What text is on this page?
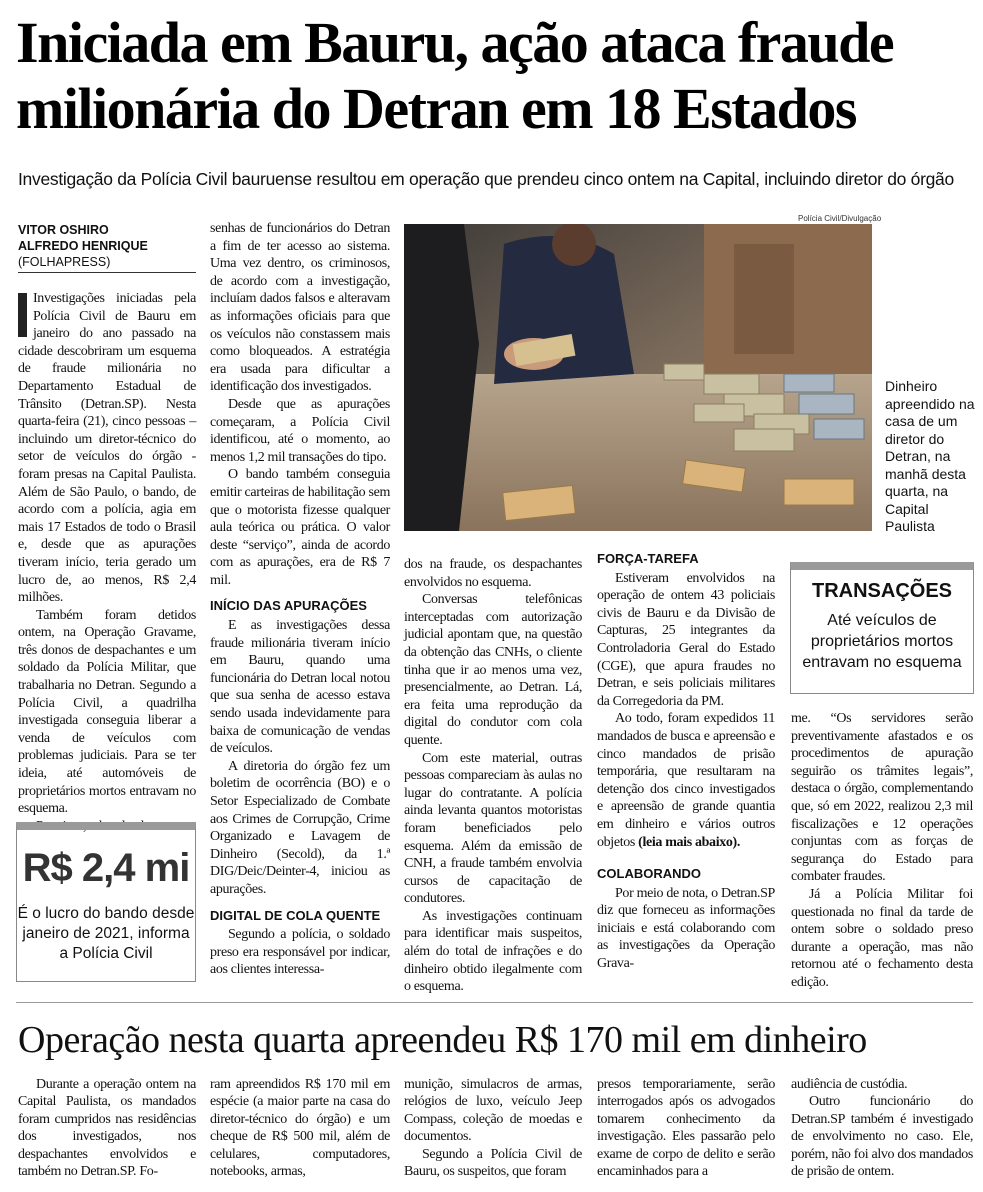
Iniciada em Bauru, ação ataca fraude milionária do Detran em 18 Estados
Investigação da Polícia Civil bauruense resultou em operação que prendeu cinco ontem na Capital, incluindo diretor do órgão
VITOR OSHIRO
ALFREDO HENRIQUE
(FOLHAPRESS)

Investigações iniciadas pela Polícia Civil de Bauru em janeiro do ano passado na cidade descobriram um esquema de fraude milionária no Departamento Estadual de Trânsito (Detran.SP). Nesta quarta-feira (21), cinco pessoas – incluindo um diretor-técnico do setor de veículos do órgão - foram presas na Capital Paulista. Além de São Paulo, o bando, de acordo com a polícia, agia em mais 17 Estados de todo o Brasil e, desde que as apurações tiveram início, teria gerado um lucro de, ao menos, R$ 2,4 milhões.

Também foram detidos ontem, na Operação Gravame, três donos de despachantes e um soldado da Polícia Militar, que trabalharia no Detran. Segundo a Polícia Civil, a quadrilha investigada conseguia liberar a venda de veículos com problemas judiciais. Para se ter ideia, até automóveis de proprietários mortos entravam no esquema.

Para isso, o bando clonava

R$ 2,4 mi
É o lucro do bando desde janeiro de 2021, informa a Polícia Civil

senhas de funcionários do Detran a fim de ter acesso ao sistema. Uma vez dentro, os criminosos, de acordo com a investigação, incluíam dados falsos e alteravam as informações oficiais para que os veículos não constassem mais como bloqueados. A estratégia era usada para dificultar a identificação dos investigados.

Desde que as apurações começaram, a Polícia Civil identificou, até o momento, ao menos 1,2 mil transações do tipo.

O bando também conseguia emitir carteiras de habilitação sem que o motorista fizesse qualquer aula teórica ou prática. O valor deste “serviço”, ainda de acordo com as apurações, era de R$ 7 mil.

INÍCIO DAS APURAÇÕES

E as investigações dessa fraude milionária tiveram início em Bauru, quando uma funcionária do Detran local notou que sua senha de acesso estava sendo usada indevidamente para baixa de comunicação de vendas de veículos.

A diretoria do órgão fez um boletim de ocorrência (BO) e o Setor Especializado de Combate aos Crimes de Corrupção, Crime Organizado e Lavagem de Dinheiro (Secold), da 1.ª DIG/Deic/Deinter-4, iniciou as apurações.

DIGITAL DE COLA QUENTE

Segundo a polícia, o soldado preso era responsável por indicar, aos clientes interessa-

Polícia Civil/Divulgação
Dinheiro apreendido na casa de um diretor do Detran, na manhã desta quarta, na Capital Paulista

dos na fraude, os despachantes envolvidos no esquema.

Conversas telefônicas interceptadas com autorização judicial apontam que, na questão da obtenção das CNHs, o cliente tinha que ir ao menos uma vez, presencialmente, ao Detran. Lá, era feita uma reprodução da digital do condutor com cola quente.

Com este material, outras pessoas compareciam às aulas no lugar do contratante. A polícia ainda levanta quantos motoristas foram beneficiados pelo esquema. Além da emissão de CNH, a fraude também envolvia cursos de capacitação de condutores.

As investigações continuam para identificar mais suspeitos, além do total de infrações e do dinheiro obtido ilegalmente com o esquema.

FORÇA-TAREFA

Estiveram envolvidos na operação de ontem 43 policiais civis de Bauru e da Divisão de Capturas, 25 integrantes da Controladoria Geral do Estado (CGE), que apura fraudes no Detran, e seis policiais militares da Corregedoria da PM.

Ao todo, foram expedidos 11 mandados de busca e apreensão e cinco mandados de prisão temporária, que resultaram na detenção dos cinco investigados e apreensão de grande quantia em dinheiro e vários outros objetos (leia mais abaixo).

COLABORANDO

Por meio de nota, o Detran.SP diz que forneceu as informações iniciais e está colaborando com as investigações da Operação Grava-

TRANSAÇÕES
Até veículos de proprietários mortos entravam no esquema

me. “Os servidores serão preventivamente afastados e os procedimentos de apuração seguirão os trâmites legais”, destaca o órgão, complementando que, só em 2022, realizou 2,3 mil fiscalizações e 12 operações conjuntas com as forças de segurança do Estado para combater fraudes.

Já a Polícia Militar foi questionada no final da tarde de ontem sobre o soldado preso durante a operação, mas não retornou até o fechamento desta edição.

Operação nesta quarta apreendeu R$ 170 mil em dinheiro

Durante a operação ontem na Capital Paulista, os mandados foram cumpridos nas residências dos investigados, nos despachantes envolvidos e também no Detran.SP. Fo-

ram apreendidos R$ 170 mil em espécie (a maior parte na casa do diretor-técnico do órgão) e um cheque de R$ 500 mil, além de celulares, computadores, notebooks, armas,

munição, simulacros de armas, relógios de luxo, veículo Jeep Compass, coleção de moedas e documentos.

Segundo a Polícia Civil de Bauru, os suspeitos, que foram

presos temporariamente, serão interrogados após os advogados tomarem conhecimento da investigação. Eles passarão pelo exame de corpo de delito e serão encaminhados para a

audiência de custódia.

Outro funcionário do Detran.SP também é investigado de envolvimento no caso. Ele, porém, não foi alvo dos mandados de prisão de ontem.
